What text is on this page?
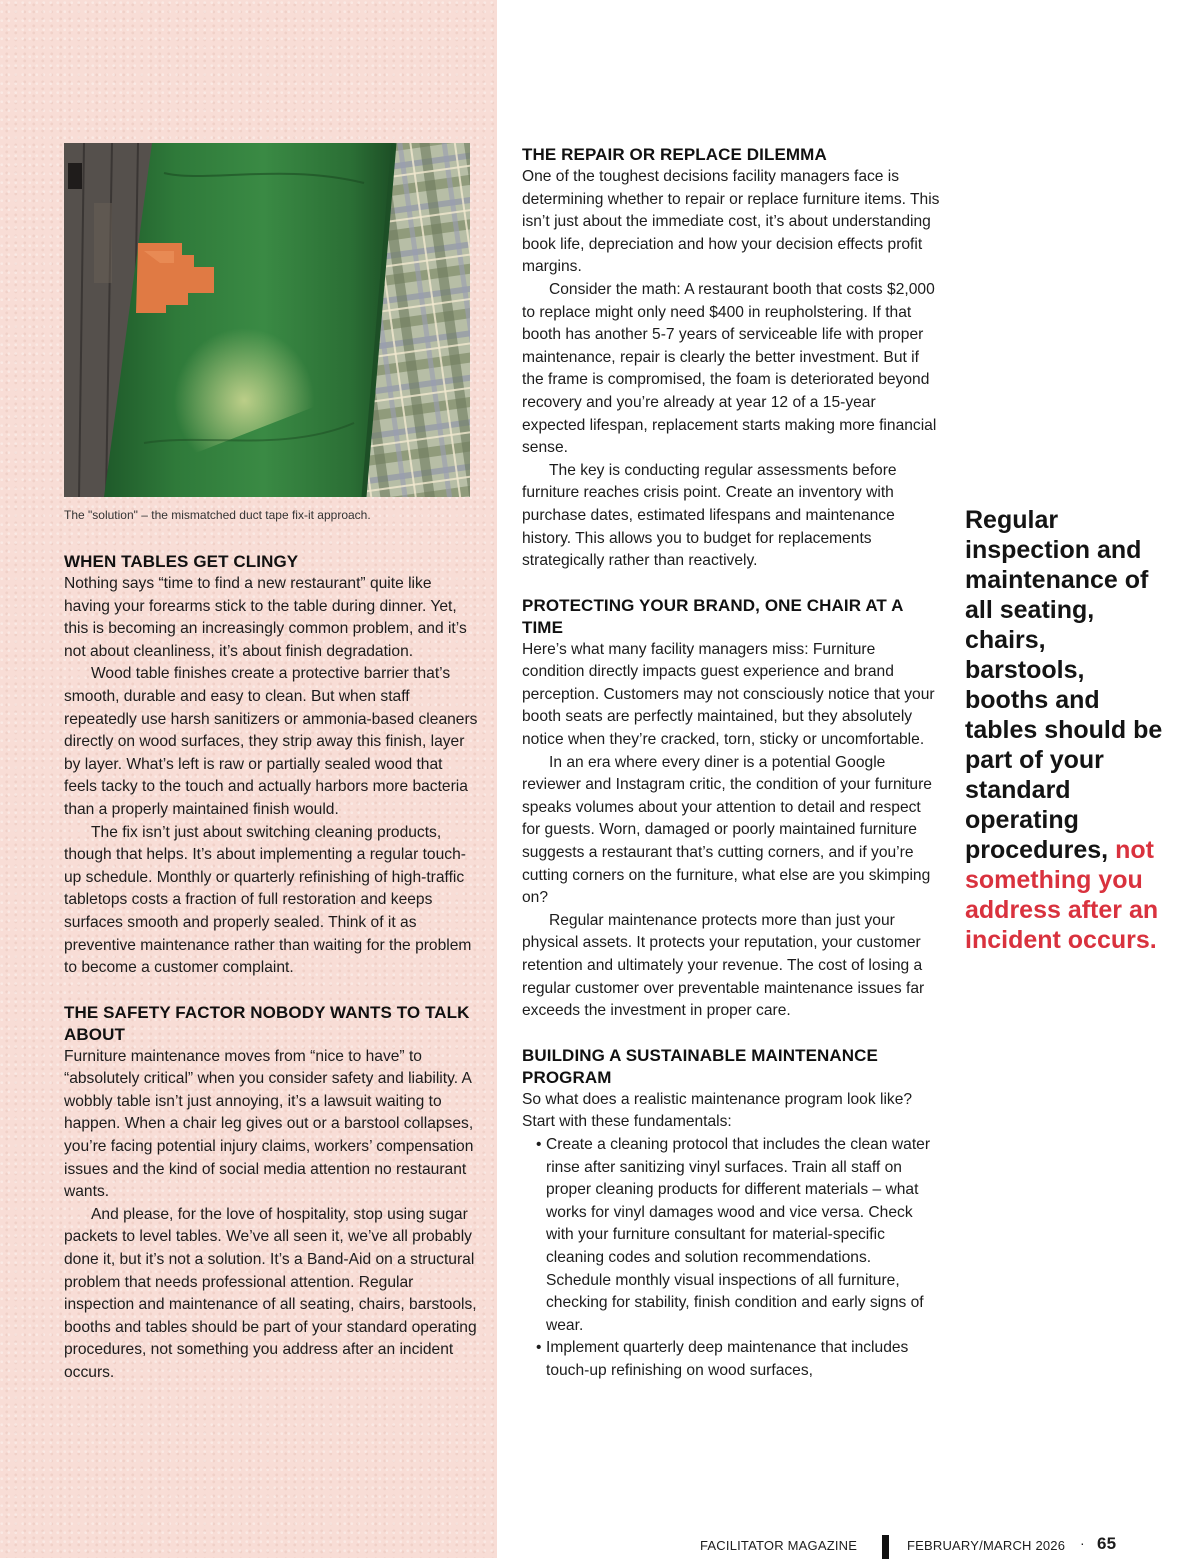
The "solution" – the mismatched duct tape fix-it approach.
WHEN TABLES GET CLINGY

Nothing says “time to find a new restaurant” quite like having your forearms stick to the table during dinner. Yet, this is becoming an increasingly common problem, and it’s not about cleanliness, it’s about finish degradation.

Wood table finishes create a protective barrier that’s smooth, durable and easy to clean. But when staff repeatedly use harsh sanitizers or ammonia-based cleaners directly on wood surfaces, they strip away this finish, layer by layer. What’s left is raw or partially sealed wood that feels tacky to the touch and actually harbors more bacteria than a properly maintained finish would.

The fix isn’t just about switching cleaning products, though that helps. It’s about implementing a regular touch-up schedule. Monthly or quarterly refinishing of high-traffic tabletops costs a fraction of full restoration and keeps surfaces smooth and properly sealed. Think of it as preventive maintenance rather than waiting for the problem to become a customer complaint.

THE SAFETY FACTOR NOBODY WANTS TO TALK ABOUT

Furniture maintenance moves from “nice to have” to “absolutely critical” when you consider safety and liability. A wobbly table isn’t just annoying, it’s a lawsuit waiting to happen. When a chair leg gives out or a barstool collapses, you’re facing potential injury claims, workers’ compensation issues and the kind of social media attention no restaurant wants.

And please, for the love of hospitality, stop using sugar packets to level tables. We’ve all seen it, we’ve all probably done it, but it’s not a solution. It’s a Band-Aid on a structural problem that needs professional attention. Regular inspection and maintenance of all seating, chairs, barstools, booths and tables should be part of your standard operating procedures, not something you address after an incident occurs.

THE REPAIR OR REPLACE DILEMMA

One of the toughest decisions facility managers face is determining whether to repair or replace furniture items. This isn’t just about the immediate cost, it’s about understanding book life, depreciation and how your decision effects profit margins.

Consider the math: A restaurant booth that costs $2,000 to replace might only need $400 in reupholstering. If that booth has another 5-7 years of serviceable life with proper maintenance, repair is clearly the better investment. But if the frame is compromised, the foam is deteriorated beyond recovery and you’re already at year 12 of a 15-year expected lifespan, replacement starts making more financial sense.

The key is conducting regular assessments before furniture reaches crisis point. Create an inventory with purchase dates, estimated lifespans and maintenance history. This allows you to budget for replacements strategically rather than reactively.

PROTECTING YOUR BRAND, ONE CHAIR AT A TIME

Here’s what many facility managers miss: Furniture condition directly impacts guest experience and brand perception. Customers may not consciously notice that your booth seats are perfectly maintained, but they absolutely notice when they’re cracked, torn, sticky or uncomfortable.

In an era where every diner is a potential Google reviewer and Instagram critic, the condition of your furniture speaks volumes about your attention to detail and respect for guests. Worn, damaged or poorly maintained furniture suggests a restaurant that’s cutting corners, and if you’re cutting corners on the furniture, what else are you skimping on?

Regular maintenance protects more than just your physical assets. It protects your reputation, your customer retention and ultimately your revenue. The cost of losing a regular customer over preventable maintenance issues far exceeds the investment in proper care.

BUILDING A SUSTAINABLE MAINTENANCE PROGRAM

So what does a realistic maintenance program look like? Start with these fundamentals:

• Create a cleaning protocol that includes the clean water rinse after sanitizing vinyl surfaces. Train all staff on proper cleaning products for different materials – what works for vinyl damages wood and vice versa. Check with your furniture consultant for material-specific cleaning codes and solution recommendations. Schedule monthly visual inspections of all furniture, checking for stability, finish condition and early signs of wear.
• Implement quarterly deep maintenance that includes touch-up refinishing on wood surfaces,
Regular inspection and maintenance of all seating, chairs, barstools, booths and tables should be part of your standard operating procedures, not something you address after an incident occurs.
FACILITATOR MAGAZINE	FEBRUARY/MARCH 2026 · 65
